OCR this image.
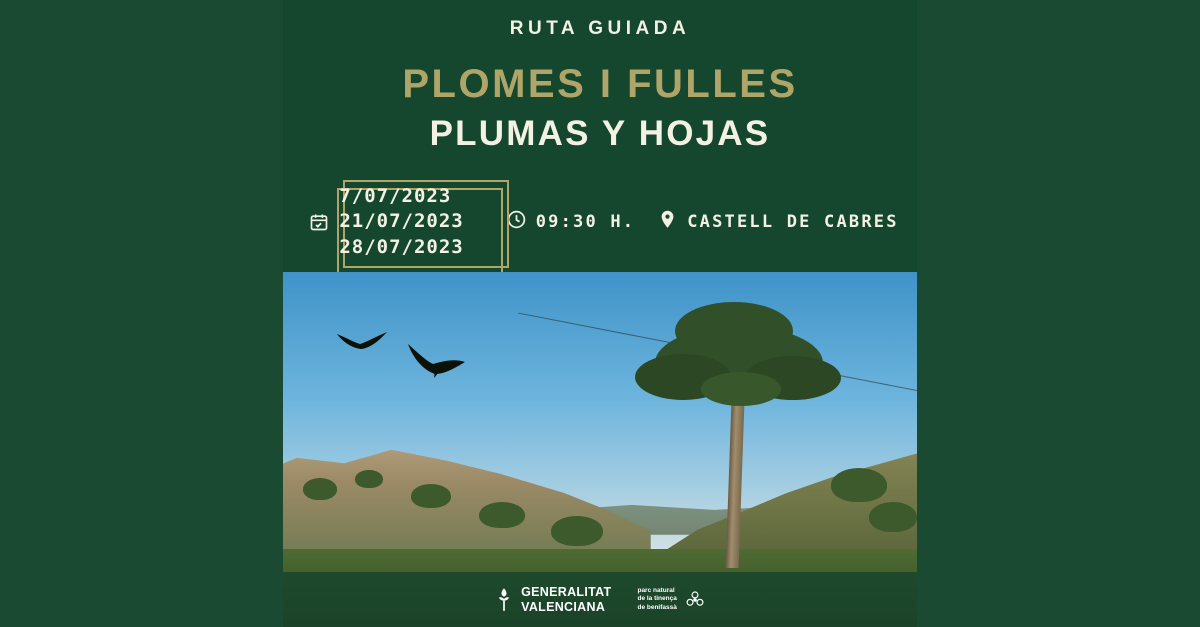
RUTA GUIADA
PLOMES I FULLES
PLUMAS Y HOJAS
7/07/2023
21/07/2023
28/07/2023
09:30 H.	CASTELL DE CABRES
GENERALITAT
VALENCIANA
parc natural
de la tinença
de benifassà
